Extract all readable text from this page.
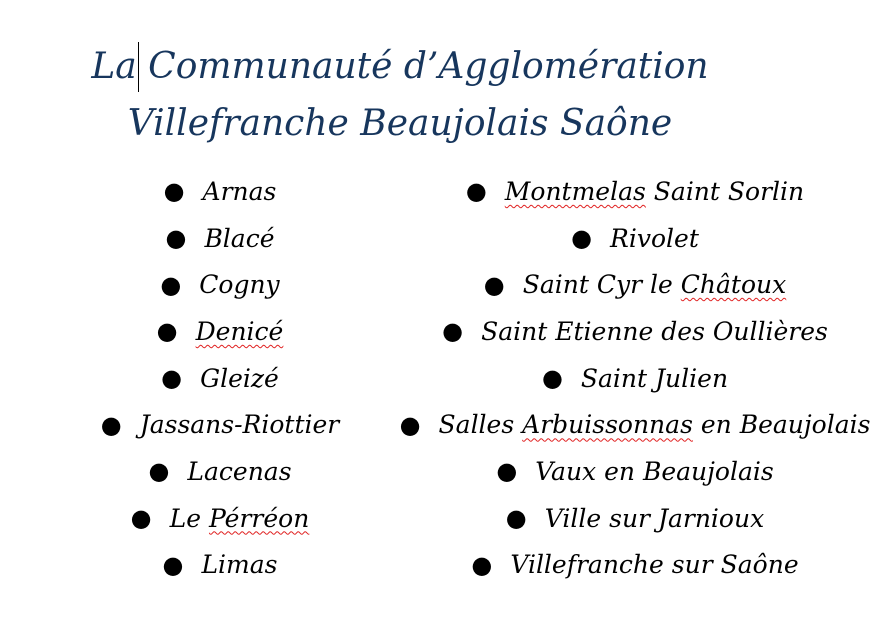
La Communauté d’Agglomération
Villefranche Beaujolais Saône
● Arnas
● Blacé
● Cogny
● Denicé
● Gleizé
● Jassans-Riottier
● Lacenas
● Le Pérréon
● Limas
● Montmelas Saint Sorlin
● Rivolet
● Saint Cyr le Châtoux
● Saint Etienne des Oullières
● Saint Julien
● Salles Arbuissonnas en Beaujolais
● Vaux en Beaujolais
● Ville sur Jarnioux
● Villefranche sur Saône
